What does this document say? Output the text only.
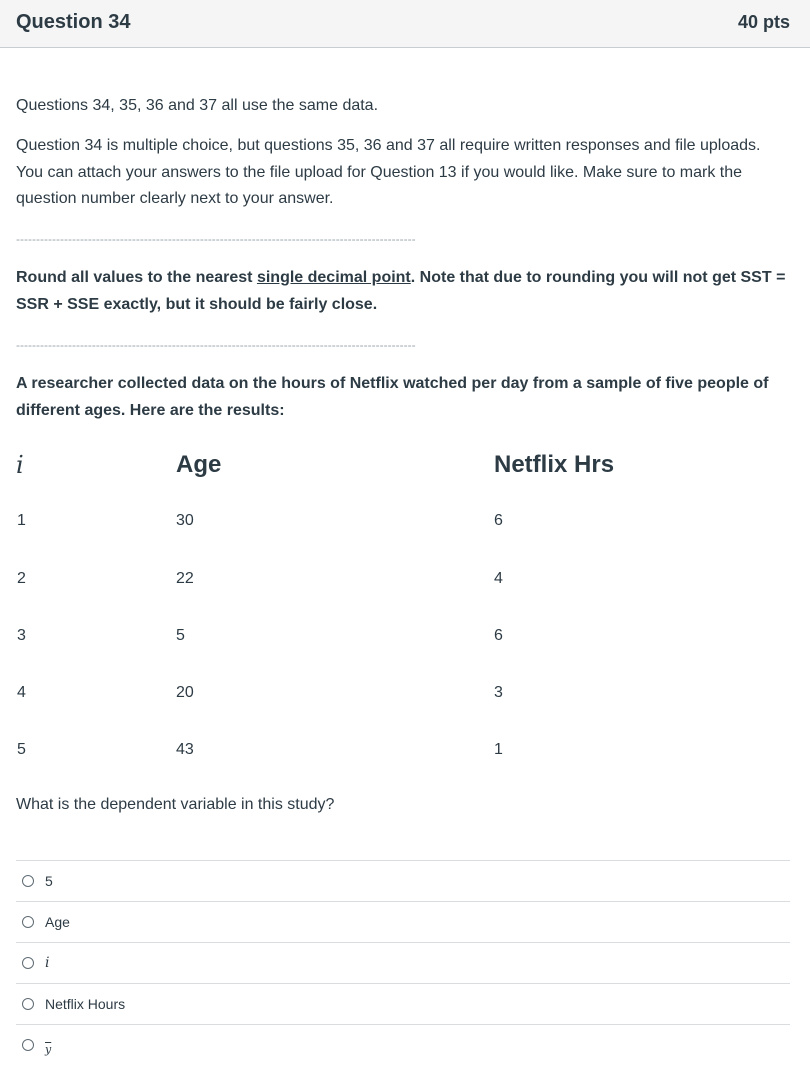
Question 34	40 pts
Questions 34, 35, 36 and 37 all use the same data.
Question 34 is multiple choice, but questions 35, 36 and 37 all require written responses and file uploads. You can attach your answers to the file upload for Question 13 if you would like. Make sure to mark the question number clearly next to your answer.
----------------------------------------------------------------------------------------------------
Round all values to the nearest single decimal point. Note that due to rounding you will not get SST = SSR + SSE exactly, but it should be fairly close.
----------------------------------------------------------------------------------------------------
A researcher collected data on the hours of Netflix watched per day from a sample of five people of different ages. Here are the results:
i	Age	Netflix Hrs
1	30	6
2	22	4
3	5	6
4	20	3
5	43	1
What is the dependent variable in this study?
5
Age
i
Netflix Hours
$\overline{y}$
